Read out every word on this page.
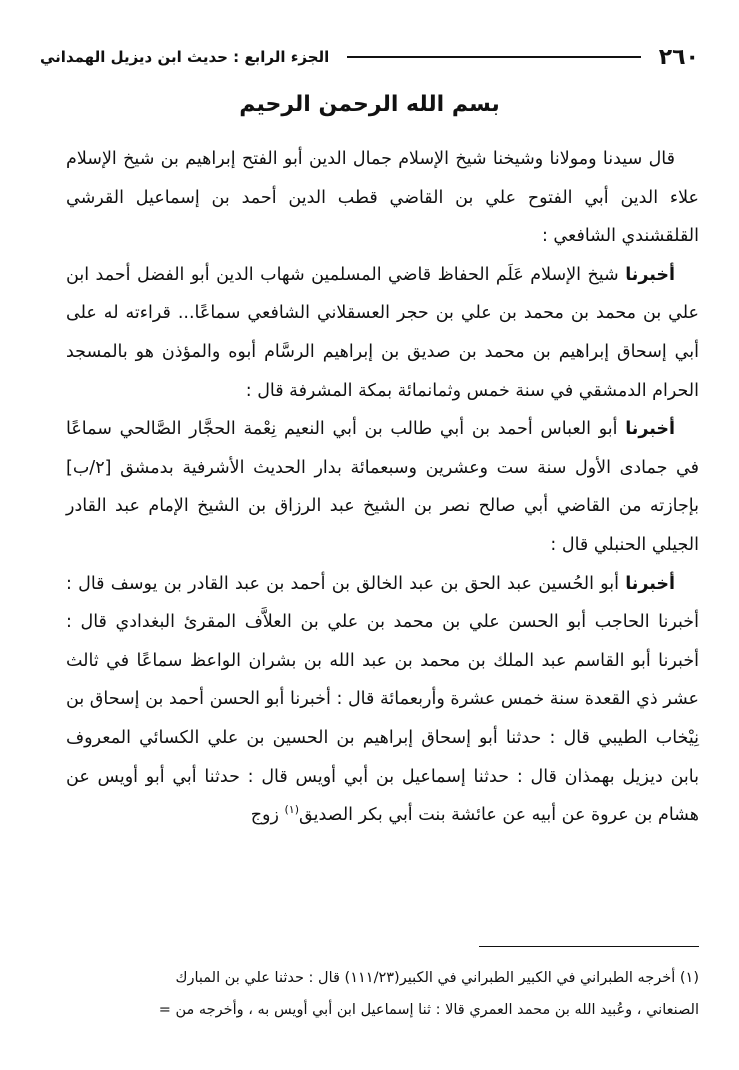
٢٦٠
الجزء الرابع : حديث ابن ديزيل الهمداني
بسم الله الرحمن الرحيم

قال سيدنا ومولانا وشيخنا شيخ الإسلام جمال الدين أبو الفتح إبراهيم بن شيخ الإسلام علاء الدين أبي الفتوح علي بن القاضي قطب الدين أحمد بن إسماعيل القرشي القلقشندي الشافعي :

أخبرنا شيخ الإسلام عَلَم الحفاظ قاضي المسلمين شهاب الدين أبو الفضل أحمد ابن علي بن محمد بن محمد بن علي بن حجر العسقلاني الشافعي سماعًا... قراءته له على أبي إسحاق إبراهيم بن محمد بن صديق بن إبراهيم الرسَّام أبوه والمؤذن هو بالمسجد الحرام الدمشقي في سنة خمس وثمانمائة بمكة المشرفة قال :

أخبرنا أبو العباس أحمد بن أبي طالب بن أبي النعيم نِعْمة الحجَّار الصَّالحي سماعًا في جمادى الأول سنة ست وعشرين وسبعمائة بدار الحديث الأشرفية بدمشق [٢/ب] بإجازته من القاضي أبي صالح نصر بن الشيخ عبد الرزاق بن الشيخ الإمام عبد القادر الجيلي الحنبلي قال :

أخبرنا أبو الحُسين عبد الحق بن عبد الخالق بن أحمد بن عبد القادر بن يوسف قال : أخبرنا الحاجب أبو الحسن علي بن محمد بن علي بن العلاَّف المقرئ البغدادي قال : أخبرنا أبو القاسم عبد الملك بن محمد بن عبد الله بن بشران الواعظ سماعًا في ثالث عشر ذي القعدة سنة خمس عشرة وأربعمائة قال : أخبرنا أبو الحسن أحمد بن إسحاق بن نِيْخاب الطيبي قال : حدثنا أبو إسحاق إبراهيم بن الحسين بن علي الكسائي المعروف بابن ديزيل بهمذان قال : حدثنا إسماعيل بن أبي أويس قال : حدثنا أبي أبو أويس عن هشام بن عروة عن أبيه عن عائشة بنت أبي بكر الصديق$^{(١)}$ زوج

(١) أخرجه الطبراني في الكبير الطبراني في الكبير(١١١/٢٣) قال : حدثنا علي بن المبارك

الصنعاني ، وعُبيد الله بن محمد العمري قالا : ثنا إسماعيل ابن أبي أويس به ، وأخرجه من =
